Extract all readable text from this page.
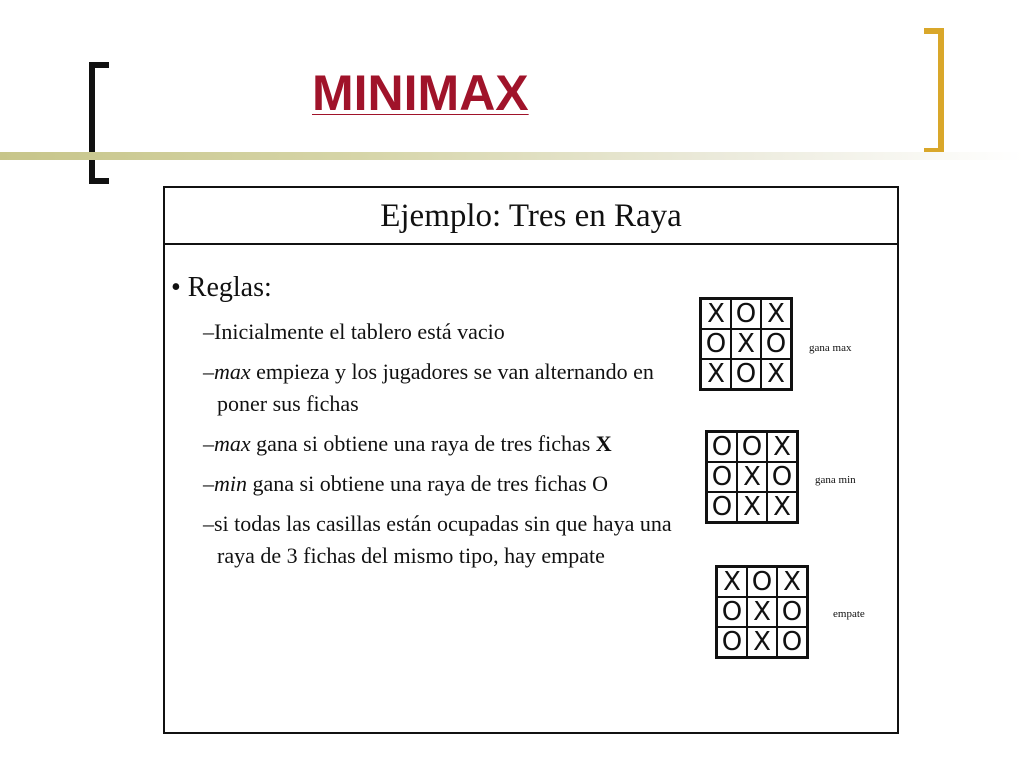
MINIMAX
Ejemplo: Tres en Raya
• Reglas:
–Inicialmente el tablero está vacio
–max empieza y los jugadores se van alternando en poner sus fichas
–max gana si obtiene una raya de tres fichas X
–min gana si obtiene una raya de tres fichas O
–si todas las casillas están ocupadas sin que haya una raya de 3 fichas del mismo tipo, hay empate
X O X
O X O
X O X
gana max
O O X
O X O
O X X
gana min
X O X
O X O
O X O
empate
